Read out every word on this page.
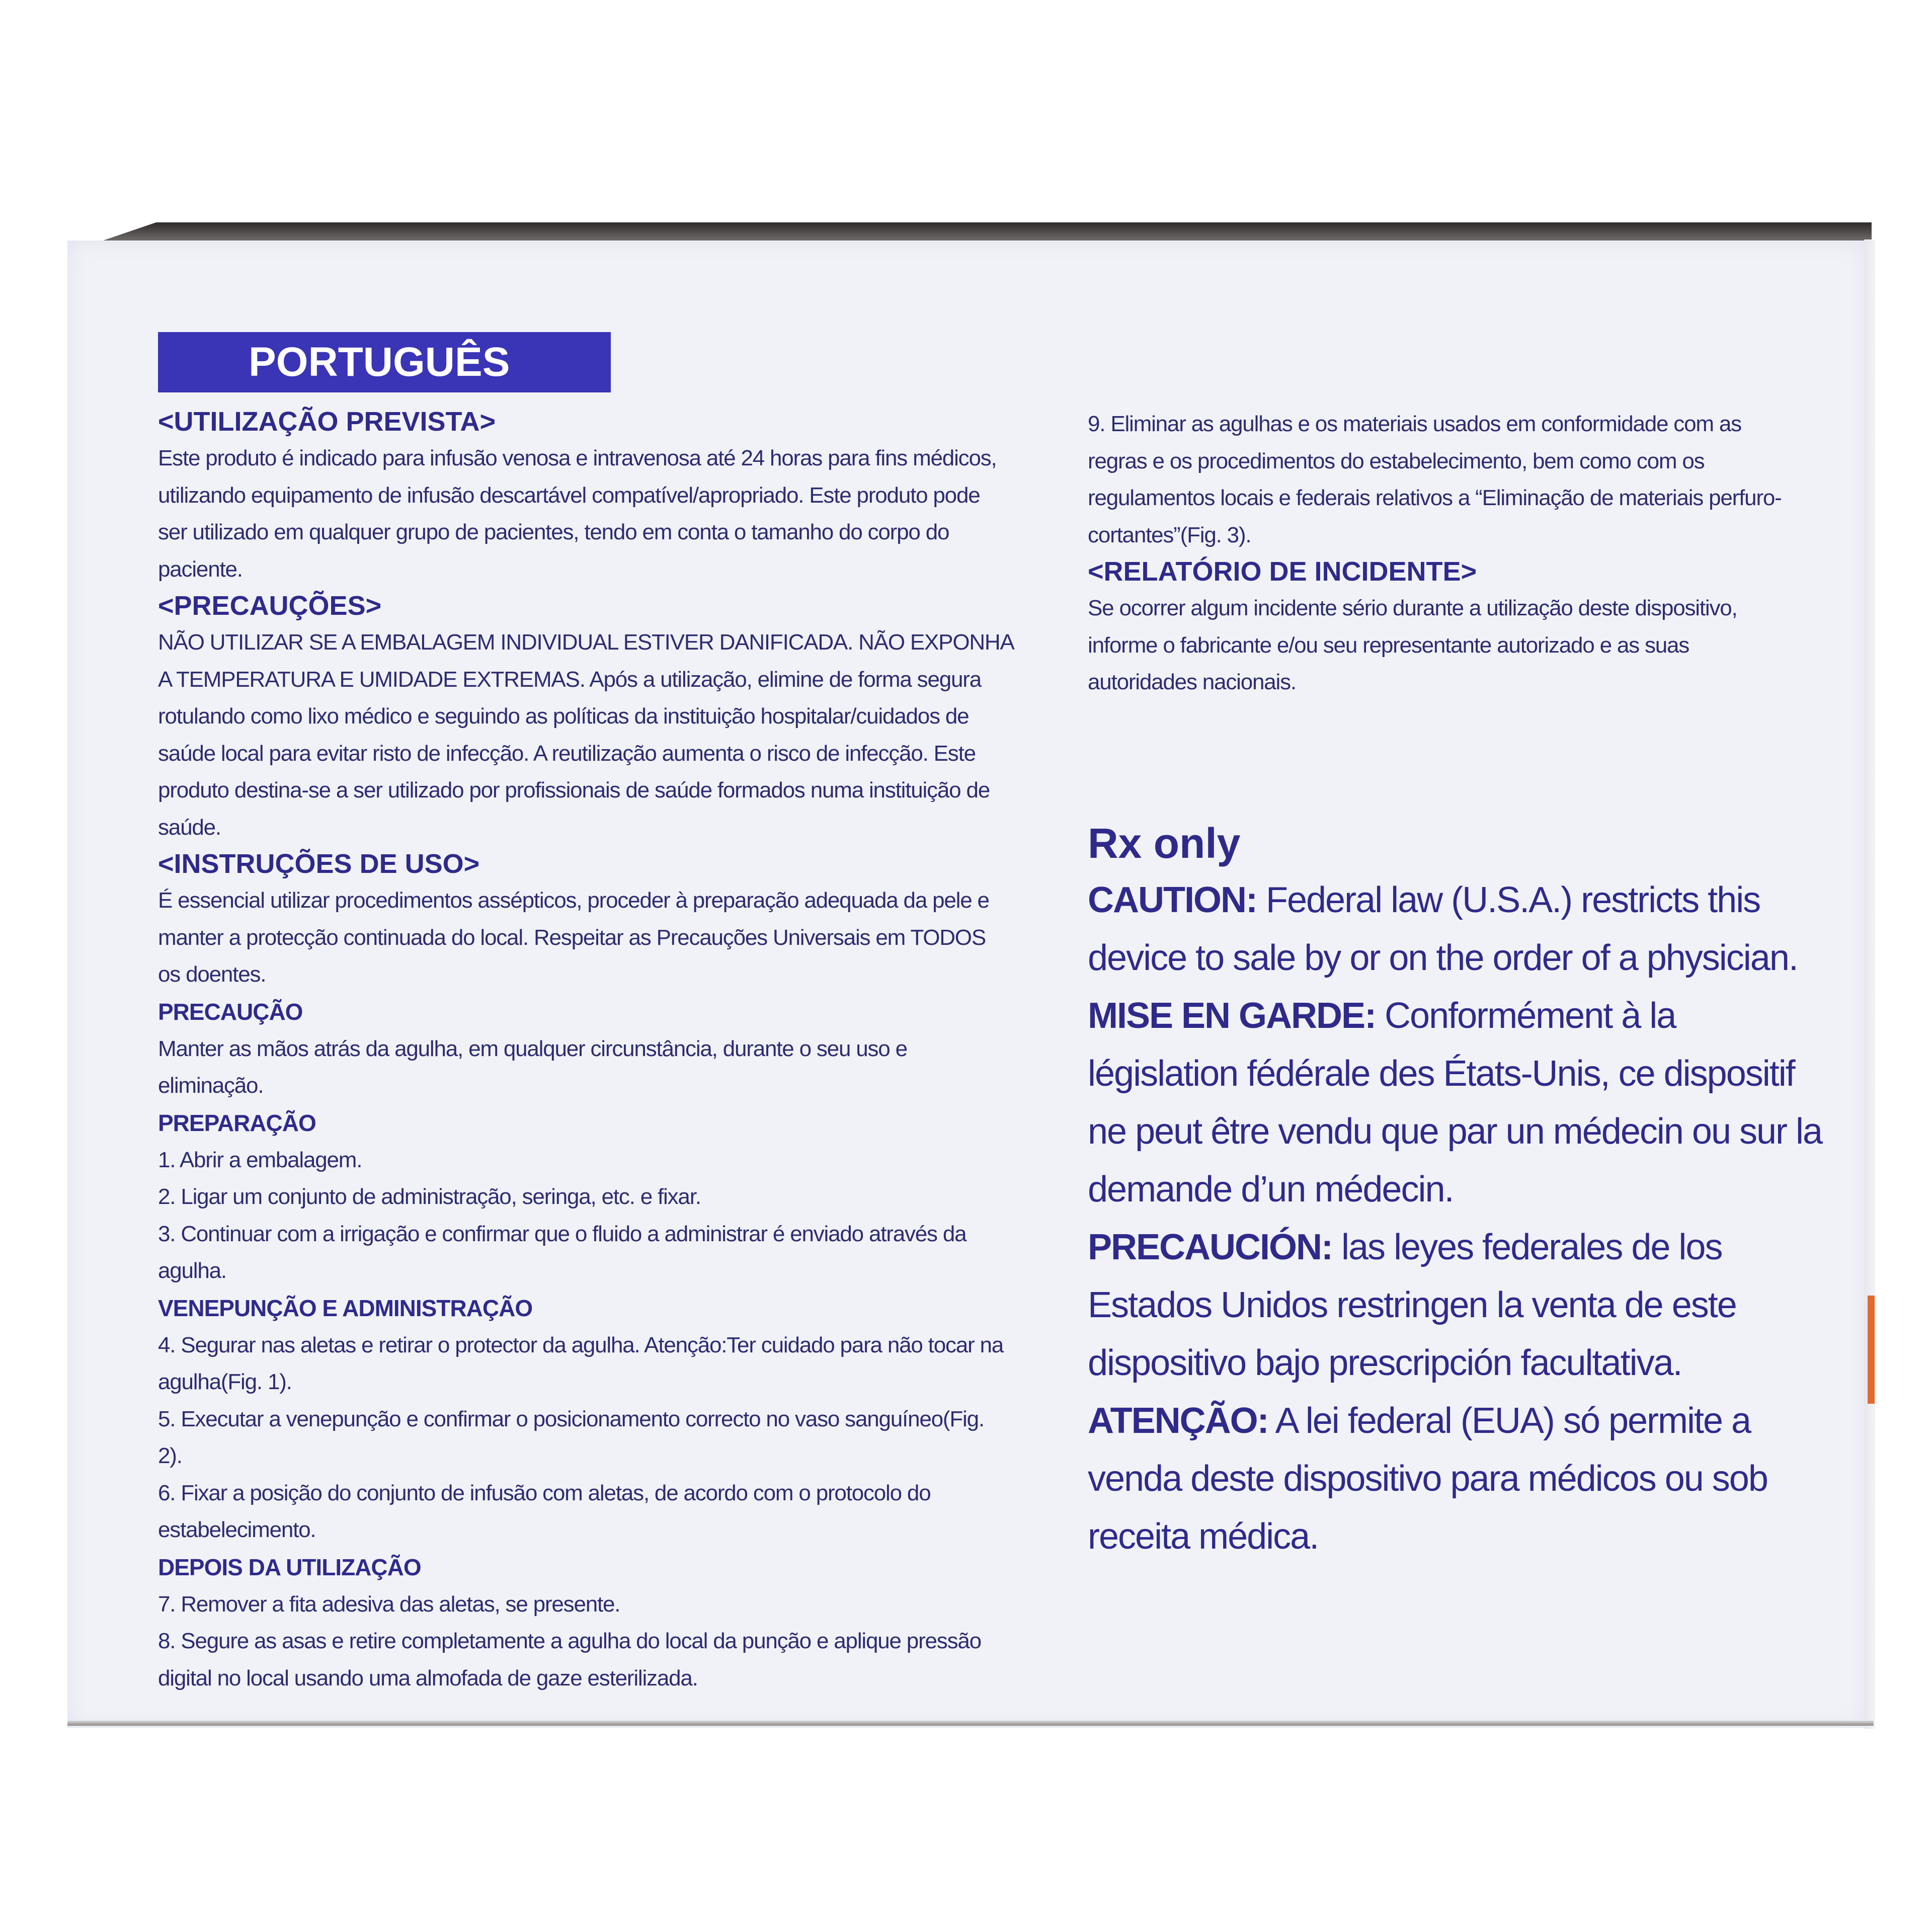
PORTUGUÊS
<UTILIZAÇÃO PREVISTA>
Este produto é indicado para infusão venosa e intravenosa até 24 horas para fins médicos, utilizando equipamento de infusão descartável compatível/apropriado. Este produto pode ser utilizado em qualquer grupo de pacientes, tendo em conta o tamanho do corpo do paciente.
<PRECAUÇÕES>
NÃO UTILIZAR SE A EMBALAGEM INDIVIDUAL ESTIVER DANIFICADA. NÃO EXPONHA A TEMPERATURA E UMIDADE EXTREMAS. Após a utilização, elimine de forma segura rotulando como lixo médico e seguindo as políticas da instituição hospitalar/cuidados de saúde local para evitar risto de infecção. A reutilização aumenta o risco de infecção. Este produto destina-se a ser utilizado por profissionais de saúde formados numa instituição de saúde.
<INSTRUÇÕES DE USO>
É essencial utilizar procedimentos assépticos, proceder à preparação adequada da pele e manter a protecção continuada do local. Respeitar as Precauções Universais em TODOS os doentes.
PRECAUÇÃO
Manter as mãos atrás da agulha, em qualquer circunstância, durante o seu uso e eliminação.
PREPARAÇÃO
1. Abrir a embalagem.
2. Ligar um conjunto de administração, seringa, etc. e fixar.
3. Continuar com a irrigação e confirmar que o fluido a administrar é enviado através da agulha.
VENEPUNÇÃO E ADMINISTRAÇÃO
4. Segurar nas aletas e retirar o protector da agulha. Atenção:Ter cuidado para não tocar na agulha(Fig. 1).
5. Executar a venepunção e confirmar o posicionamento correcto no vaso sanguíneo(Fig. 2).
6. Fixar a posição do conjunto de infusão com aletas, de acordo com o protocolo do estabelecimento.
DEPOIS DA UTILIZAÇÃO
7. Remover a fita adesiva das aletas, se presente.
8. Segure as asas e retire completamente a agulha do local da punção e aplique pressão digital no local usando uma almofada de gaze esterilizada.
9. Eliminar as agulhas e os materiais usados em conformidade com as regras e os procedimentos do estabelecimento, bem como com os regulamentos locais e federais relativos a “Eliminação de materiais perfuro-cortantes”(Fig. 3).
<RELATÓRIO DE INCIDENTE>
Se ocorrer algum incidente sério durante a utilização deste dispositivo, informe o fabricante e/ou seu representante autorizado e as suas autoridades nacionais.
Rx only
CAUTION: Federal law (U.S.A.) restricts this device to sale by or on the order of a physician.
MISE EN GARDE: Conformément à la législation fédérale des États-Unis, ce dispositif ne peut être vendu que par un médecin ou sur la demande d’un médecin.
PRECAUCIÓN: las leyes federales de los Estados Unidos restringen la venta de este dispositivo bajo prescripción facultativa.
ATENÇÃO: A lei federal (EUA) só permite a venda deste dispositivo para médicos ou sob receita médica.
